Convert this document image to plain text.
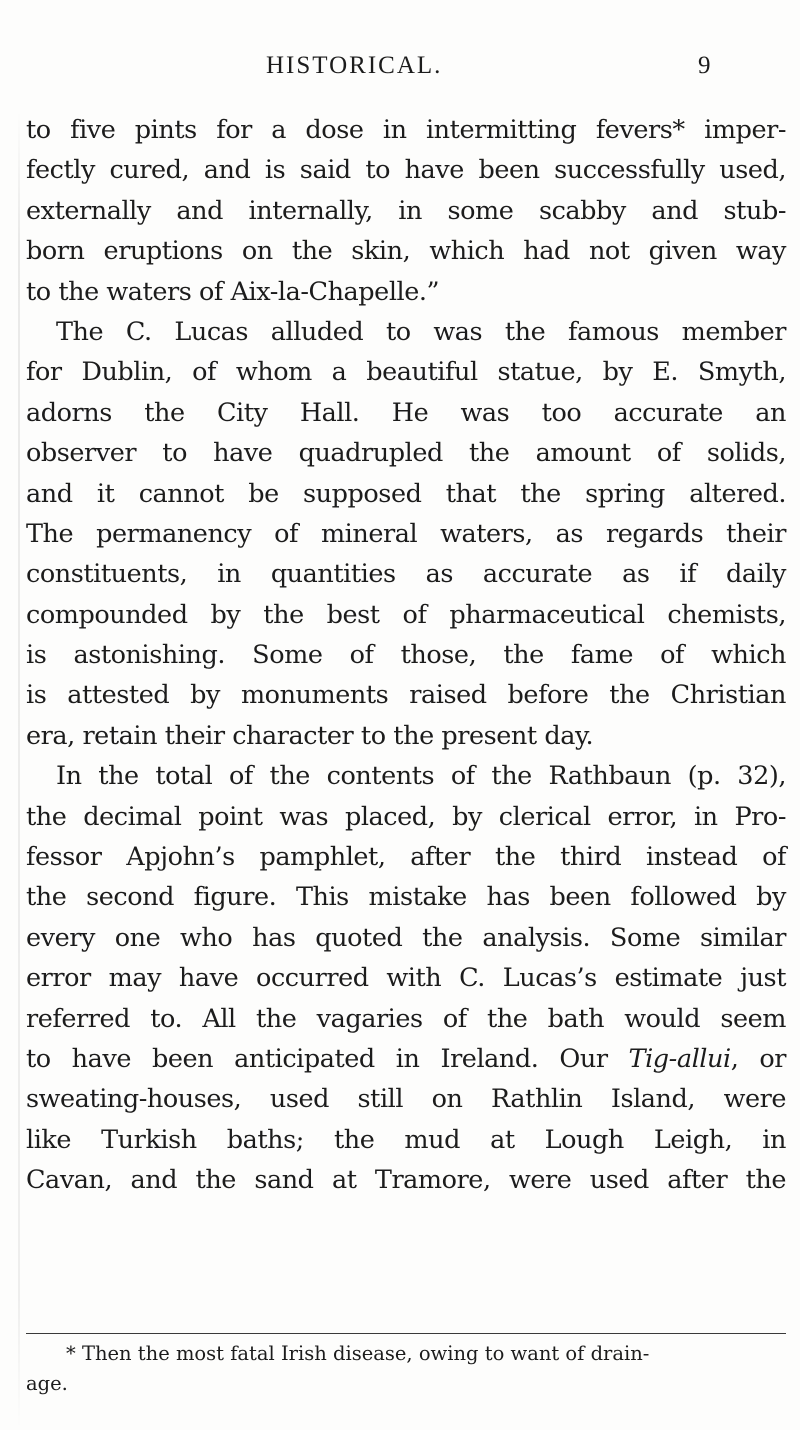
HISTORICAL.	9
to five pints for a dose in intermitting fevers* imper-
fectly cured, and is said to have been successfully used,
externally and internally, in some scabby and stub-
born eruptions on the skin, which had not given way
to the waters of Aix-la-Chapelle.”
The C. Lucas alluded to was the famous member
for Dublin, of whom a beautiful statue, by E. Smyth,
adorns the City Hall. He was too accurate an
observer to have quadrupled the amount of solids,
and it cannot be supposed that the spring altered.
The permanency of mineral waters, as regards their
constituents, in quantities as accurate as if daily
compounded by the best of pharmaceutical chemists,
is astonishing. Some of those, the fame of which
is attested by monuments raised before the Christian
era, retain their character to the present day.
In the total of the contents of the Rathbaun (p. 32),
the decimal point was placed, by clerical error, in Pro-
fessor Apjohn’s pamphlet, after the third instead of
the second figure. This mistake has been followed by
every one who has quoted the analysis. Some similar
error may have occurred with C. Lucas’s estimate just
referred to. All the vagaries of the bath would seem
to have been anticipated in Ireland. Our Tig-allui, or
sweating-houses, used still on Rathlin Island, were
like Turkish baths; the mud at Lough Leigh, in
Cavan, and the sand at Tramore, were used after the
* Then the most fatal Irish disease, owing to want of drain-
age.
